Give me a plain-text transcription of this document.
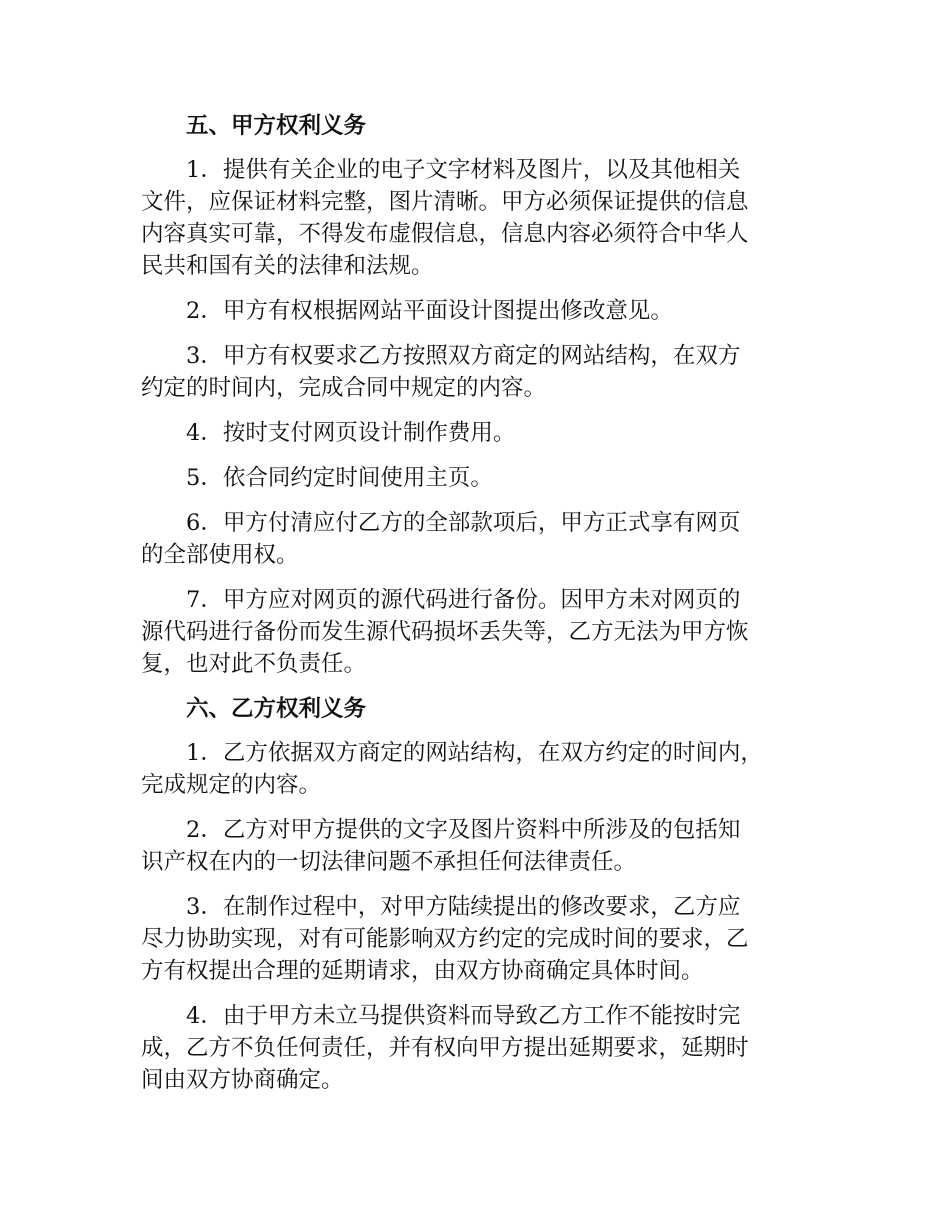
五、甲方权利义务
1．提供有关企业的电子文字材料及图片，以及其他相关
文件，应保证材料完整，图片清晰。甲方必须保证提供的信息
内容真实可靠，不得发布虚假信息，信息内容必须符合中华人
民共和国有关的法律和法规。
2．甲方有权根据网站平面设计图提出修改意见。
3．甲方有权要求乙方按照双方商定的网站结构，在双方
约定的时间内，完成合同中规定的内容。
4．按时支付网页设计制作费用。
5．依合同约定时间使用主页。
6．甲方付清应付乙方的全部款项后，甲方正式享有网页
的全部使用权。
7．甲方应对网页的源代码进行备份。因甲方未对网页的
源代码进行备份而发生源代码损坏丢失等，乙方无法为甲方恢
复，也对此不负责任。
六、乙方权利义务
1．乙方依据双方商定的网站结构，在双方约定的时间内，
完成规定的内容。
2．乙方对甲方提供的文字及图片资料中所涉及的包括知
识产权在内的一切法律问题不承担任何法律责任。
3．在制作过程中，对甲方陆续提出的修改要求，乙方应
尽力协助实现，对有可能影响双方约定的完成时间的要求，乙
方有权提出合理的延期请求，由双方协商确定具体时间。
4．由于甲方未立马提供资料而导致乙方工作不能按时完
成，乙方不负任何责任，并有权向甲方提出延期要求，延期时
间由双方协商确定。
